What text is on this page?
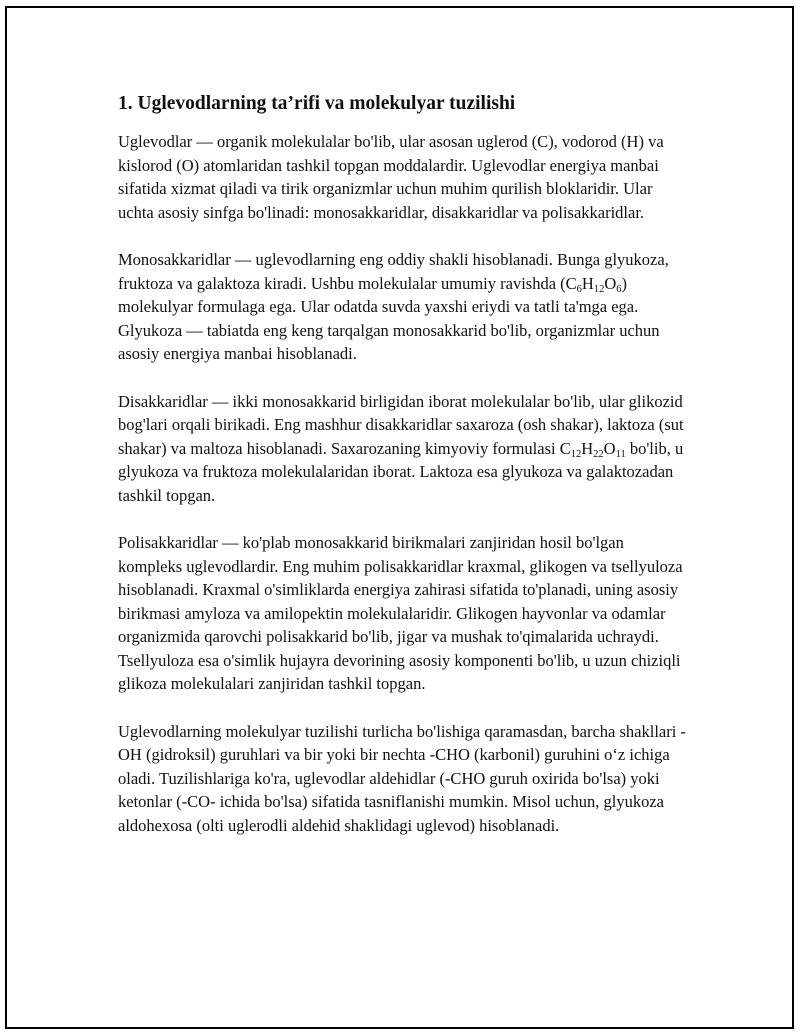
1. Uglevodlarning ta’rifi va molekulyar tuzilishi

Uglevodlar — organik molekulalar bo'lib, ular asosan uglerod (C), vodorod (H) va kislorod (O) atomlaridan tashkil topgan moddalardir. Uglevodlar energiya manbai sifatida xizmat qiladi va tirik organizmlar uchun muhim qurilish bloklaridir. Ular uchta asosiy sinfga bo'linadi: monosakkaridlar, disakkaridlar va polisakkaridlar.

Monosakkaridlar — uglevodlarning eng oddiy shakli hisoblanadi. Bunga glyukoza, fruktoza va galaktoza kiradi. Ushbu molekulalar umumiy ravishda $(C_6H_{12}O_6)$ molekulyar formulaga ega. Ular odatda suvda yaxshi eriydi va tatli ta'mga ega. Glyukoza — tabiatda eng keng tarqalgan monosakkarid bo'lib, organizmlar uchun asosiy energiya manbai hisoblanadi.

Disakkaridlar — ikki monosakkarid birligidan iborat molekulalar bo'lib, ular glikozid bog'lari orqali birikadi. Eng mashhur disakkaridlar saxaroza (osh shakar), laktoza (sut shakar) va maltoza hisoblanadi. Saxarozaning kimyoviy formulasi $C_{12}H_{22}O_{11}$ bo'lib, u glyukoza va fruktoza molekulalaridan iborat. Laktoza esa glyukoza va galaktozadan tashkil topgan.

Polisakkaridlar — ko'plab monosakkarid birikmalari zanjiridan hosil bo'lgan kompleks uglevodlardir. Eng muhim polisakkaridlar kraxmal, glikogen va tsellyuloza hisoblanadi. Kraxmal o'simliklarda energiya zahirasi sifatida to'planadi, uning asosiy birikmasi amyloza va amilopektin molekulalaridir. Glikogen hayvonlar va odamlar organizmida qarovchi polisakkarid bo'lib, jigar va mushak to'qimalarida uchraydi. Tsellyuloza esa o'simlik hujayra devorining asosiy komponenti bo'lib, u uzun chiziqli glikoza molekulalari zanjiridan tashkil topgan.

Uglevodlarning molekulyar tuzilishi turlicha bo'lishiga qaramasdan, barcha shakllari -OH (gidroksil) guruhlari va bir yoki bir nechta -CHO (karbonil) guruhini o‘z ichiga oladi. Tuzilishlariga ko'ra, uglevodlar aldehidlar (-CHO guruh oxirida bo'lsa) yoki ketonlar (-CO- ichida bo'lsa) sifatida tasniflanishi mumkin. Misol uchun, glyukoza aldohexosa (olti uglerodli aldehid shaklidagi uglevod) hisoblanadi.
